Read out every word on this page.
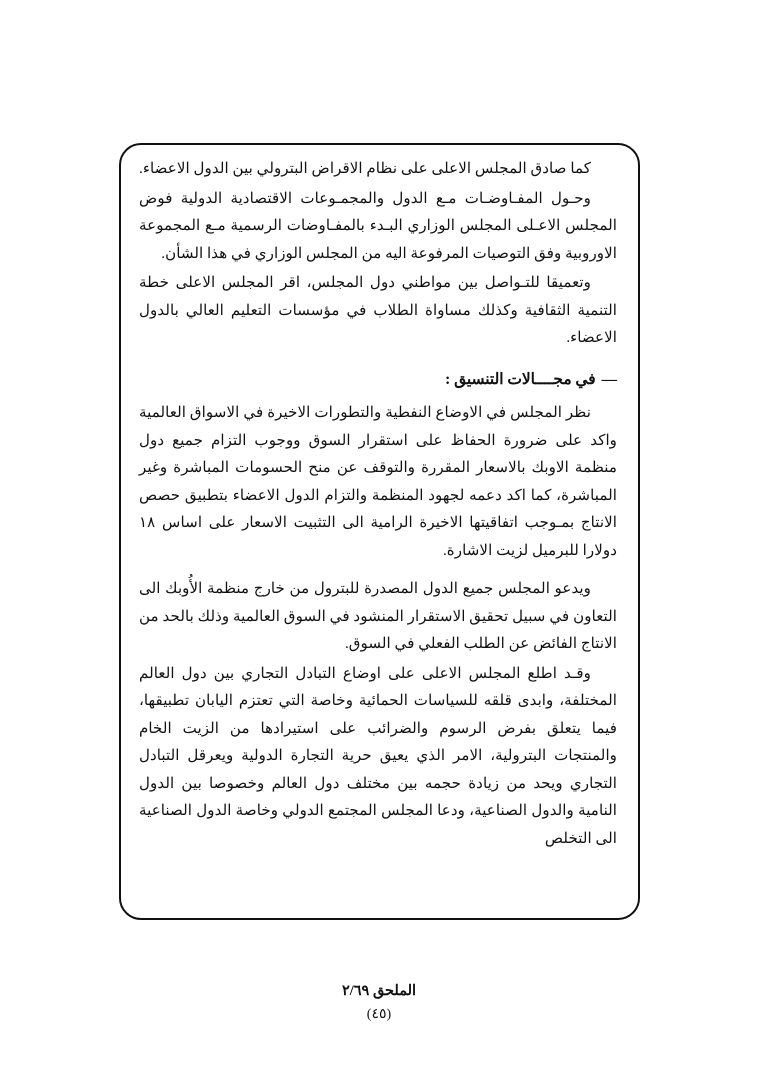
كما صادق المجلس الاعلى على نظام الاقراض البترولي بين الدول الاعضاء.

وحـول المفـاوضـات مـع الدول والمجمـوعات الاقتصادية الدولية فوض المجلس الاعـلى المجلس الوزاري البـدء بالمفـاوضات الرسمية مـع المجموعة الاوروبية وفق التوصيات المرفوعة اليه من المجلس الوزاري في هذا الشأن.

وتعميقا للتـواصل بين مواطني دول المجلس، اقر المجلس الاعلى خطة التنمية الثقافية وكذلك مساواة الطلاب في مؤسسات التعليم العالي بالدول الاعضاء.

—في مجــــالات التنسيق :

نظر المجلس في الاوضاع النفطية والتطورات الاخيرة في الاسواق العالمية واكد على ضرورة الحفاظ على استقرار السوق ووجوب التزام جميع دول منظمة الاوبك بالاسعار المقررة والتوقف عن منح الحسومات المباشرة وغير المباشرة، كما اكد دعمه لجهود المنظمة والتزام الدول الاعضاء بتطبيق حصص الانتاج بمـوجب اتفاقيتها الاخيرة الرامية الى التثبيت الاسعار على اساس ١٨ دولارا للبرميل لزيت الاشارة.

ويدعو المجلس جميع الدول المصدرة للبترول من خارج منظمة الأُوبك الى التعاون في سبيل تحقيق الاستقرار المنشود في السوق العالمية وذلك بالحد من الانتاج الفائض عن الطلب الفعلي في السوق.

وقـد اطلع المجلس الاعلى على اوضاع التبادل التجاري بين دول العالم المختلفة، وابدى قلقه للسياسات الحمائية وخاصة التي تعتزم اليابان تطبيقها، فيما يتعلق بفرض الرسوم والضرائب على استيرادها من الزيت الخام والمنتجات البترولية، الامر الذي يعيق حرية التجارة الدولية ويعرقل التبادل التجاري ويحد من زيادة حجمه بين مختلف دول العالم وخصوصا بين الدول النامية والدول الصناعية، ودعا المجلس المجتمع الدولي وخاصة الدول الصناعية الى التخلص

الملحق ٢/٦٩
(٤٥)
